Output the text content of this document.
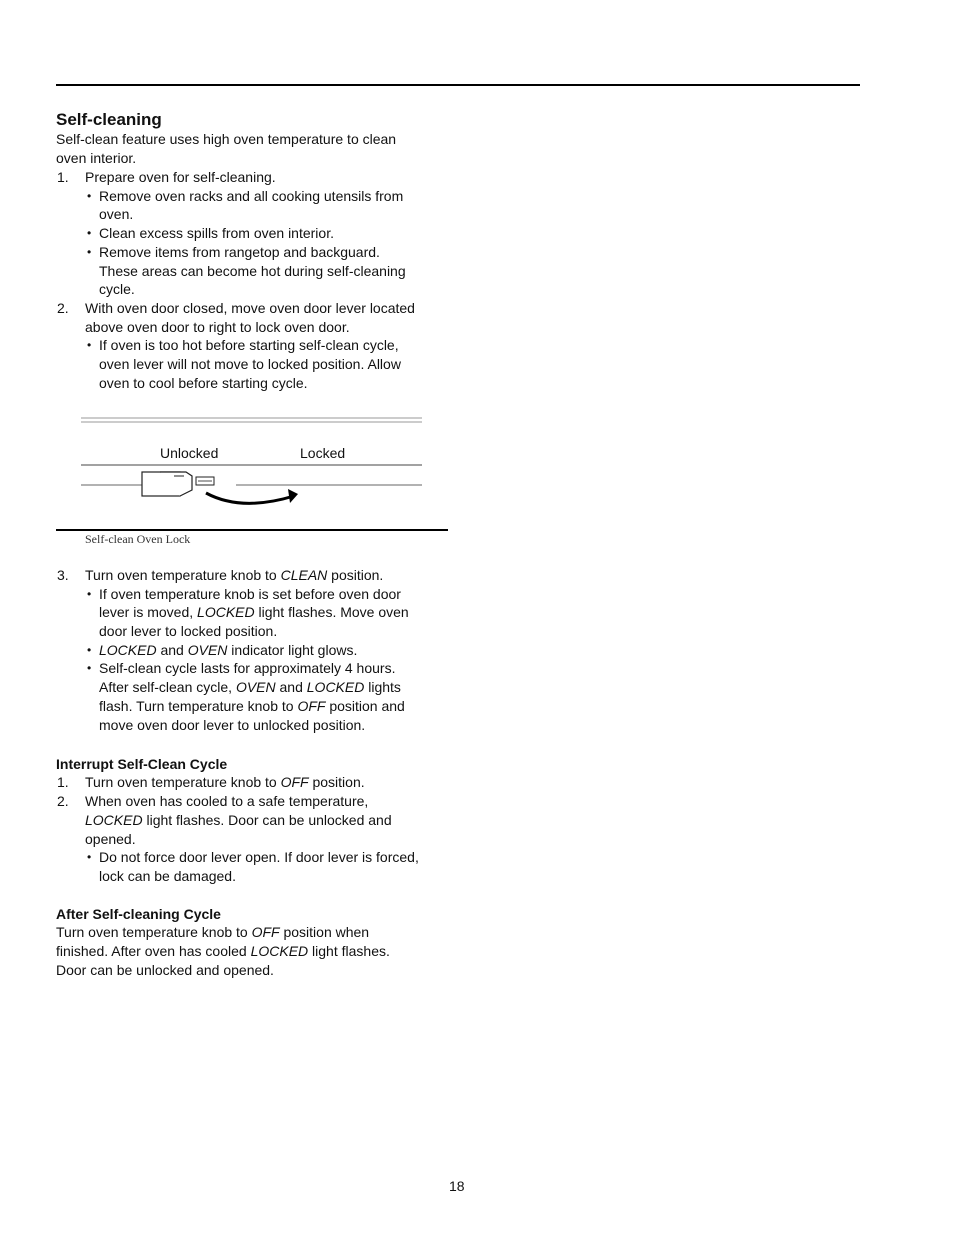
Self-cleaning
Self-clean feature uses high oven temperature to clean
oven interior.
1. Prepare oven for self-cleaning.
• Remove oven racks and all cooking utensils from
oven.
• Clean excess spills from oven interior.
• Remove items from rangetop and backguard.
These areas can become hot during self-cleaning
cycle.
2. With oven door closed, move oven door lever located
above oven door to right to lock oven door.
• If oven is too hot before starting self-clean cycle,
oven lever will not move to locked position. Allow
oven to cool before starting cycle.
Unlocked	Locked
Self-clean Oven Lock
3. Turn oven temperature knob to CLEAN position.
• If oven temperature knob is set before oven door
lever is moved, LOCKED light flashes. Move oven
door lever to locked position.
• LOCKED and OVEN indicator light glows.
• Self-clean cycle lasts for approximately 4 hours.
After self-clean cycle, OVEN and LOCKED lights
flash. Turn temperature knob to OFF position and
move oven door lever to unlocked position.
Interrupt Self-Clean Cycle
1. Turn oven temperature knob to OFF position.
2. When oven has cooled to a safe temperature,
LOCKED light flashes. Door can be unlocked and
opened.
• Do not force door lever open. If door lever is forced,
lock can be damaged.
After Self-cleaning Cycle
Turn oven temperature knob to OFF position when
finished. After oven has cooled LOCKED light flashes.
Door can be unlocked and opened.
18
